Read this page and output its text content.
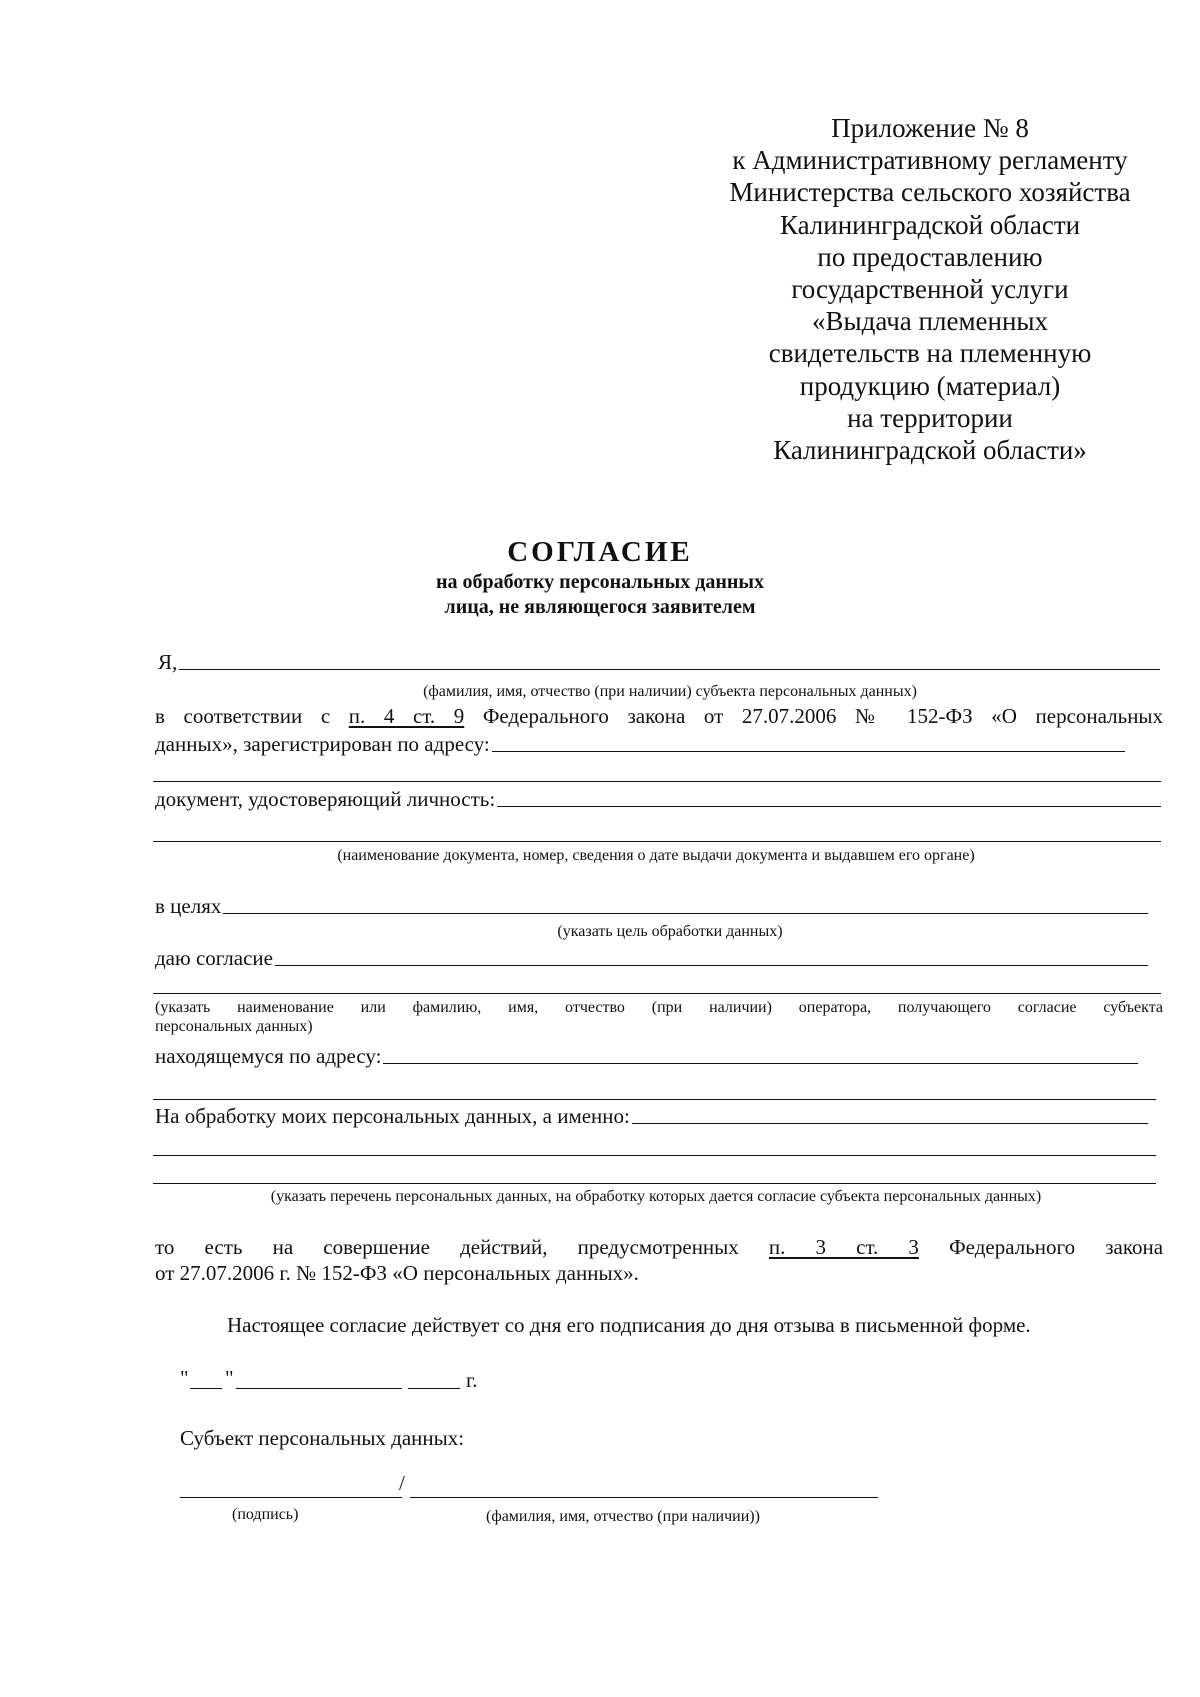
Приложение № 8
к Административному регламенту
Министерства сельского хозяйства
Калининградской области
по предоставлению
государственной услуги
«Выдача племенных
свидетельств на племенную
продукцию (материал)
на территории
Калининградской области»
СОГЛАСИЕ
на обработку персональных данных
лица, не являющегося заявителем
Я,
(фамилия, имя, отчество (при наличии) субъекта персональных данных)
в соответствии с п. 4 ст. 9 Федерального закона от 27.07.2006 № 152-ФЗ «О персональных
данных», зарегистрирован по адресу:
документ, удостоверяющий личность:
(наименование документа, номер, сведения о дате выдачи документа и выдавшем его органе)
в целях
(указать цель обработки данных)
даю согласие
(указать наименование или фамилию, имя, отчество (при наличии) оператора, получающего согласие субъекта
персональных данных)
находящемуся по адресу:
На обработку моих персональных данных, а именно:
(указать перечень персональных данных, на обработку которых дается согласие субъекта персональных данных)
то есть на совершение действий, предусмотренных п. 3 ст. 3 Федерального закона
от 27.07.2006 г. № 152-ФЗ «О персональных данных».
Настоящее согласие действует со дня его подписания до дня отзыва в письменной форме.
" "	г.
Субъект персональных данных:
/
(подпись)	(фамилия, имя, отчество (при наличии))
